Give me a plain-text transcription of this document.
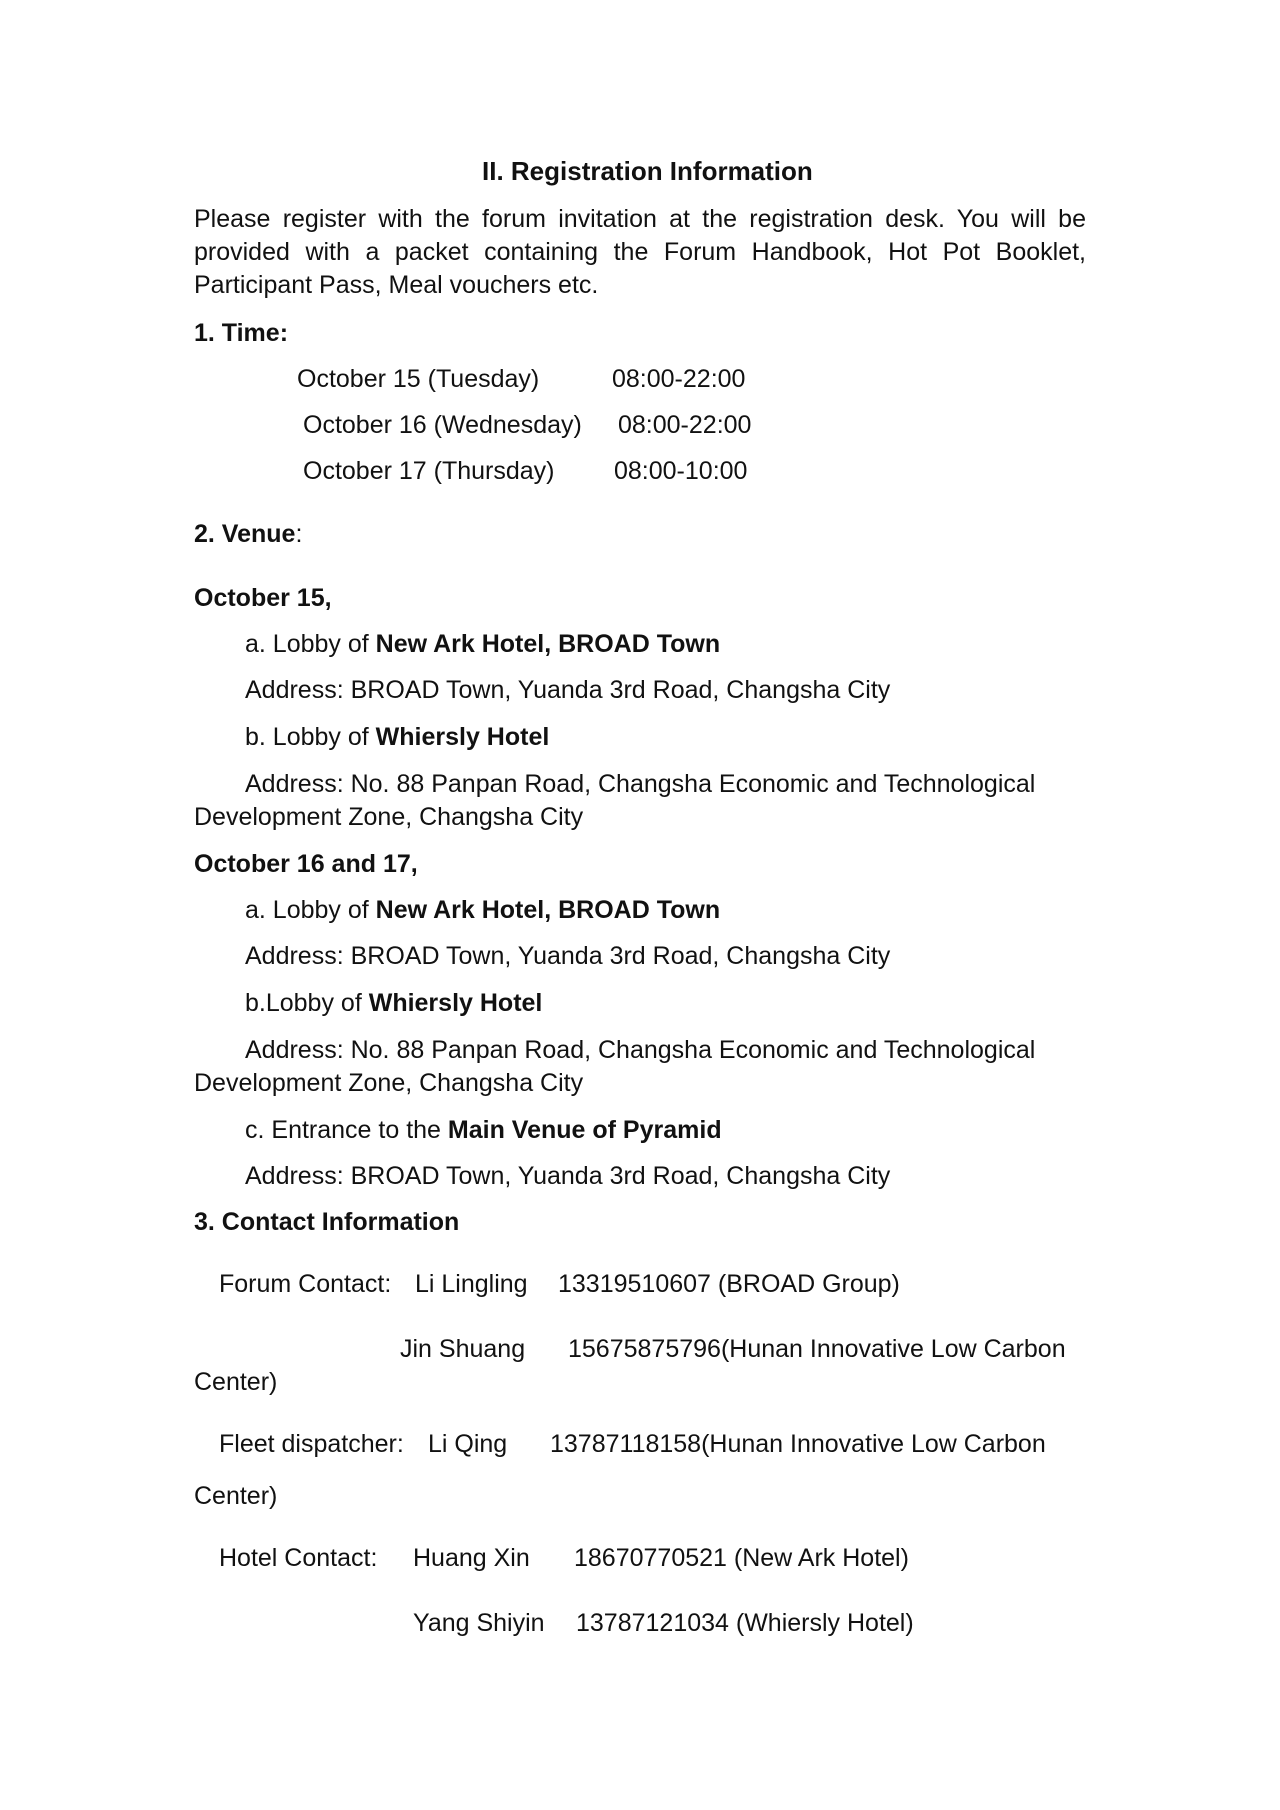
II. Registration Information
Please register with the forum invitation at the registration desk. You will be
provided with a packet containing the Forum Handbook, Hot Pot Booklet,
Participant Pass, Meal vouchers etc.
1. Time:
October 15 (Tuesday)	08:00-22:00
October 16 (Wednesday) 08:00-22:00
October 17 (Thursday) 08:00-10:00
2. Venue:
October 15,
a. Lobby of New Ark Hotel, BROAD Town
Address: BROAD Town, Yuanda 3rd Road, Changsha City
b. Lobby of Whiersly Hotel
Address: No. 88 Panpan Road, Changsha Economic and Technological
Development Zone, Changsha City
October 16 and 17,
a. Lobby of New Ark Hotel, BROAD Town
Address: BROAD Town, Yuanda 3rd Road, Changsha City
b.Lobby of Whiersly Hotel
Address: No. 88 Panpan Road, Changsha Economic and Technological
Development Zone, Changsha City
c. Entrance to the Main Venue of Pyramid
Address: BROAD Town, Yuanda 3rd Road, Changsha City
3. Contact Information
Forum Contact: Li Lingling 13319510607 (BROAD Group)
Jin Shuang 15675875796(Hunan Innovative Low Carbon
Center)
Fleet dispatcher: Li Qing 13787118158(Hunan Innovative Low Carbon
Center)
Hotel Contact: Huang Xin 18670770521 (New Ark Hotel)
Yang Shiyin 13787121034 (Whiersly Hotel)
